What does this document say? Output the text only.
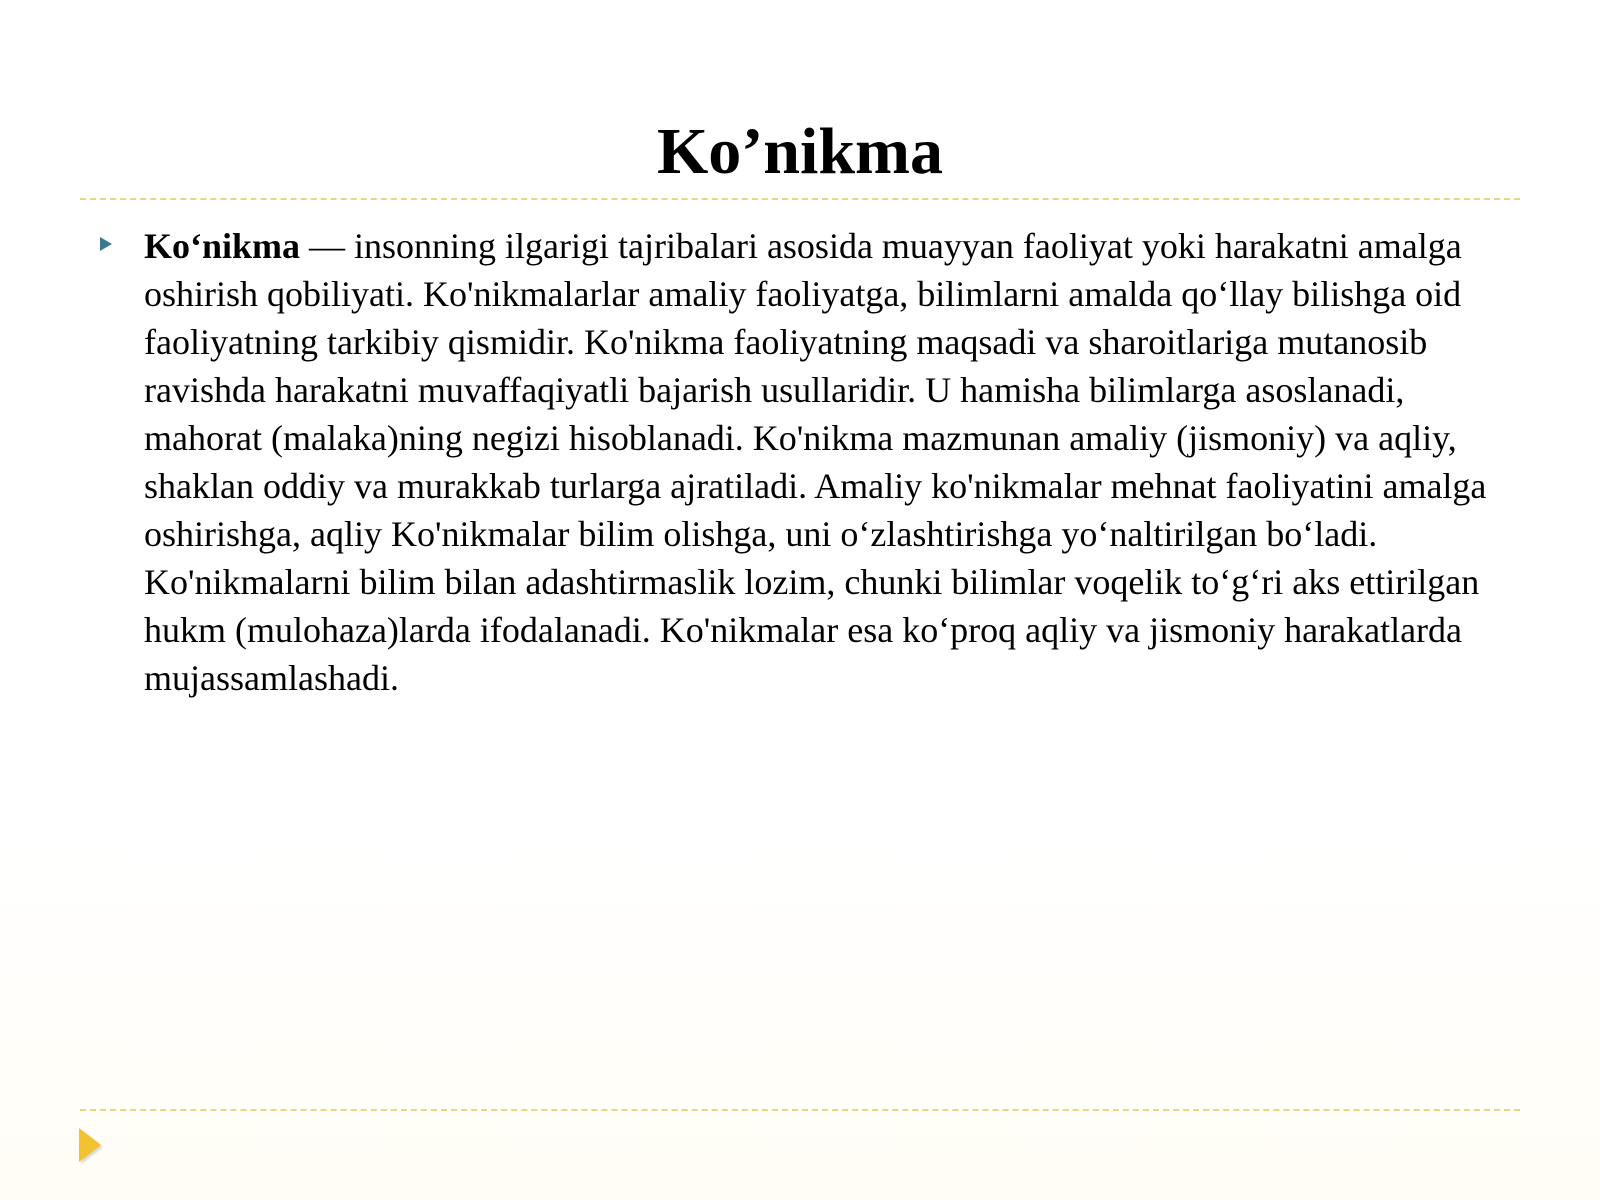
Ko’nikma

Ko‘nikma — insonning ilgarigi tajribalari asosida muayyan faoliyat yoki harakatni amalga oshirish qobiliyati. Ko'nikmalarlar amaliy faoliyatga, bilimlarni amalda qo‘llay bilishga oid faoliyatning tarkibiy qismidir. Ko'nikma faoliyatning maqsadi va sharoitlariga mutanosib ravishda harakatni muvaffaqiyatli bajarish usullaridir. U hamisha bilimlarga asoslanadi, mahorat (malaka)ning negizi hisoblanadi. Ko'nikma mazmunan amaliy (jismoniy) va aqliy, shaklan oddiy va murakkab turlarga ajratiladi. Amaliy ko'nikmalar mehnat faoliyatini amalga oshirishga, aqliy Ko'nikmalar bilim olishga, uni o‘zlashtirishga yo‘naltirilgan bo‘ladi. Ko'nikmalarni bilim bilan adashtirmaslik lozim, chunki bilimlar voqelik to‘g‘ri aks ettirilgan hukm (mulohaza)larda ifodalanadi. Ko'nikmalar esa ko‘proq aqliy va jismoniy harakatlarda mujassamlashadi.
